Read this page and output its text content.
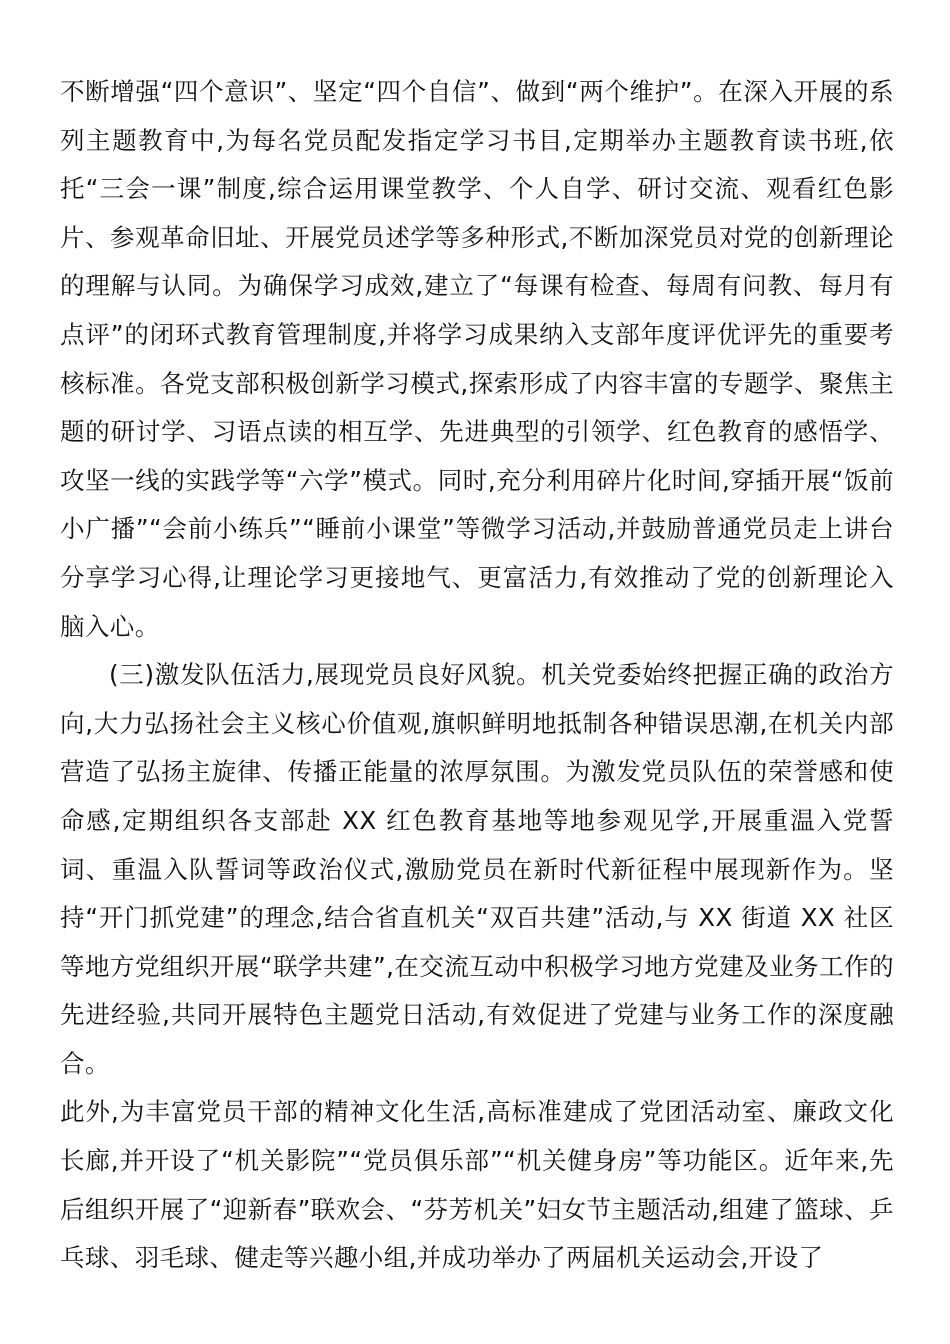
不断增强“四个意识”、坚定“四个自信”、做到“两个维护”。在深入开展的系列主题教育中,为每名党员配发指定学习书目,定期举办主题教育读书班,依托“三会一课”制度,综合运用课堂教学、个人自学、研讨交流、观看红色影片、参观革命旧址、开展党员述学等多种形式,不断加深党员对党的创新理论的理解与认同。为确保学习成效,建立了“每课有检查、每周有问教、每月有点评”的闭环式教育管理制度,并将学习成果纳入支部年度评优评先的重要考核标准。各党支部积极创新学习模式,探索形成了内容丰富的专题学、聚焦主题的研讨学、习语点读的相互学、先进典型的引领学、红色教育的感悟学、攻坚一线的实践学等“六学”模式。同时,充分利用碎片化时间,穿插开展“饭前小广播”“会前小练兵”“睡前小课堂”等微学习活动,并鼓励普通党员走上讲台分享学习心得,让理论学习更接地气、更富活力,有效推动了党的创新理论入脑入心。

(三)激发队伍活力,展现党员良好风貌。机关党委始终把握正确的政治方向,大力弘扬社会主义核心价值观,旗帜鲜明地抵制各种错误思潮,在机关内部营造了弘扬主旋律、传播正能量的浓厚氛围。为激发党员队伍的荣誉感和使命感,定期组织各支部赴 XX 红色教育基地等地参观见学,开展重温入党誓词、重温入队誓词等政治仪式,激励党员在新时代新征程中展现新作为。坚持“开门抓党建”的理念,结合省直机关“双百共建”活动,与 XX 街道 XX 社区等地方党组织开展“联学共建”,在交流互动中积极学习地方党建及业务工作的先进经验,共同开展特色主题党日活动,有效促进了党建与业务工作的深度融合。

此外,为丰富党员干部的精神文化生活,高标准建成了党团活动室、廉政文化长廊,并开设了“机关影院”“党员俱乐部”“机关健身房”等功能区。近年来,先后组织开展了“迎新春”联欢会、“芬芳机关”妇女节主题活动,组建了篮球、乒乓球、羽毛球、健走等兴趣小组,并成功举办了两届机关运动会,开设了
